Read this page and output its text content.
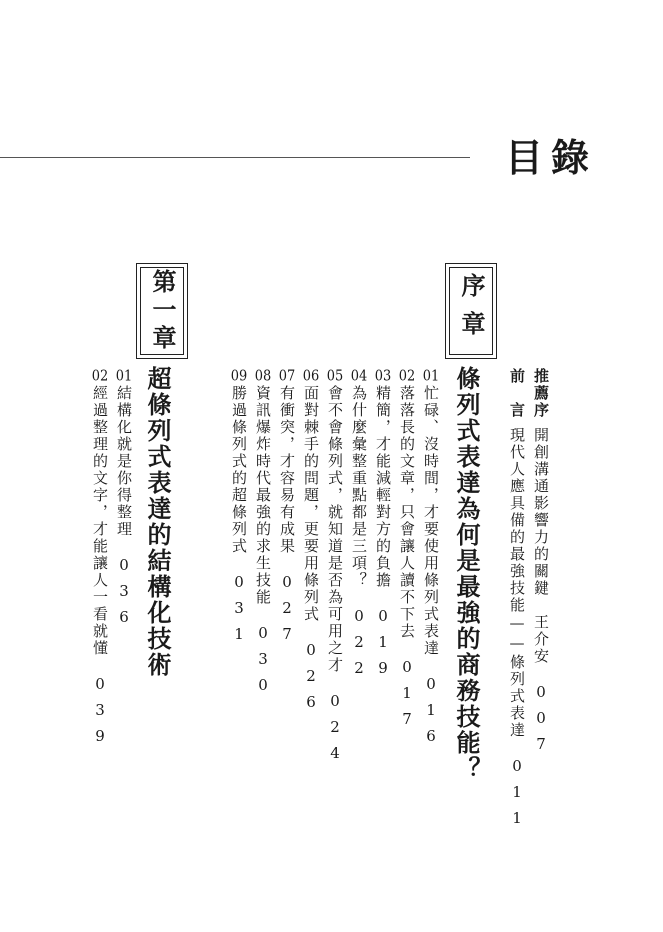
目錄
推薦序開創溝通影響力的關鍵　王介安007
前　言現代人應具備的最強技能——條列式表達011
序章
條列式表達為何是最強的商務技能？
01忙碌、沒時間，才要使用條列式表達016
02落落長的文章，只會讓人讀不下去017
03精簡，才能減輕對方的負擔019
04為什麼彙整重點都是三項？022
05會不會條列式，就知道是否為可用之才024
06面對棘手的問題，更要用條列式026
07有衝突，才容易有成果027
08資訊爆炸時代最強的求生技能030
09勝過條列式的超條列式031
第一章
超條列式表達的結構化技術
01結構化就是你得整理036
02經過整理的文字，才能讓人一看就懂039
